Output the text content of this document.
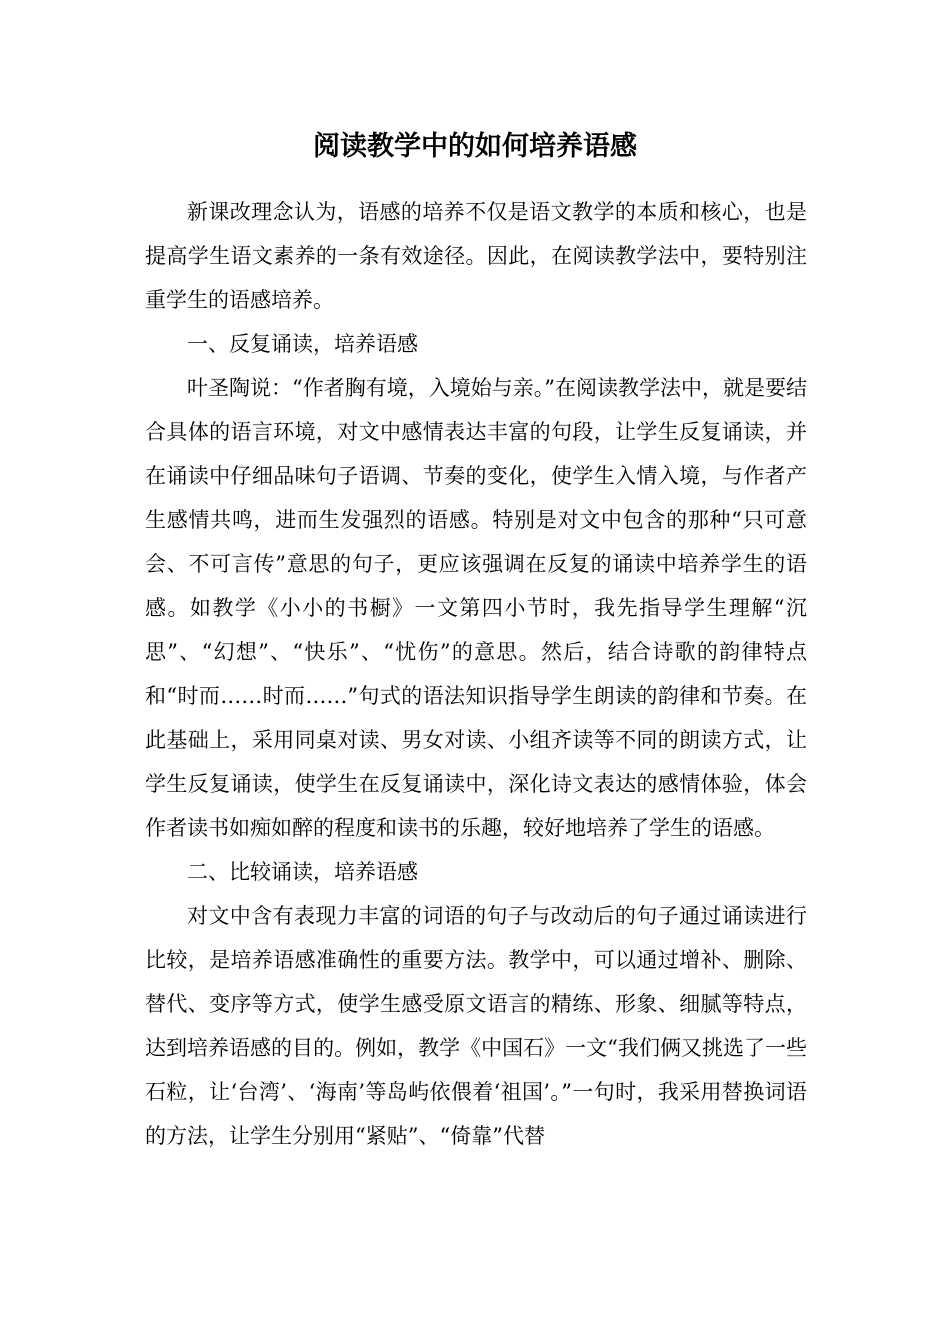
阅读教学中的如何培养语感

新课改理念认为，语感的培养不仅是语文教学的本质和核心，也是提高学生语文素养的一条有效途径。因此，在阅读教学法中，要特别注重学生的语感培养。

一、反复诵读，培养语感

叶圣陶说：“作者胸有境，入境始与亲。”在阅读教学法中，就是要结合具体的语言环境，对文中感情表达丰富的句段，让学生反复诵读，并在诵读中仔细品味句子语调、节奏的变化，使学生入情入境，与作者产生感情共鸣，进而生发强烈的语感。特别是对文中包含的那种“只可意会、不可言传”意思的句子，更应该强调在反复的诵读中培养学生的语感。如教学《小小的书橱》一文第四小节时，我先指导学生理解“沉思”、“幻想”、“快乐”、“忧伤”的意思。然后，结合诗歌的韵律特点和“时而……时而……”句式的语法知识指导学生朗读的韵律和节奏。在此基础上，采用同桌对读、男女对读、小组齐读等不同的朗读方式，让学生反复诵读，使学生在反复诵读中，深化诗文表达的感情体验，体会作者读书如痴如醉的程度和读书的乐趣，较好地培养了学生的语感。

二、比较诵读，培养语感

对文中含有表现力丰富的词语的句子与改动后的句子通过诵读进行比较，是培养语感准确性的重要方法。教学中，可以通过增补、删除、替代、变序等方式，使学生感受原文语言的精练、形象、细腻等特点，达到培养语感的目的。例如，教学《中国石》一文“我们俩又挑选了一些石粒，让‘台湾’、‘海南’等岛屿依偎着‘祖国’。”一句时，我采用替换词语的方法，让学生分别用“紧贴”、“倚靠”代替
